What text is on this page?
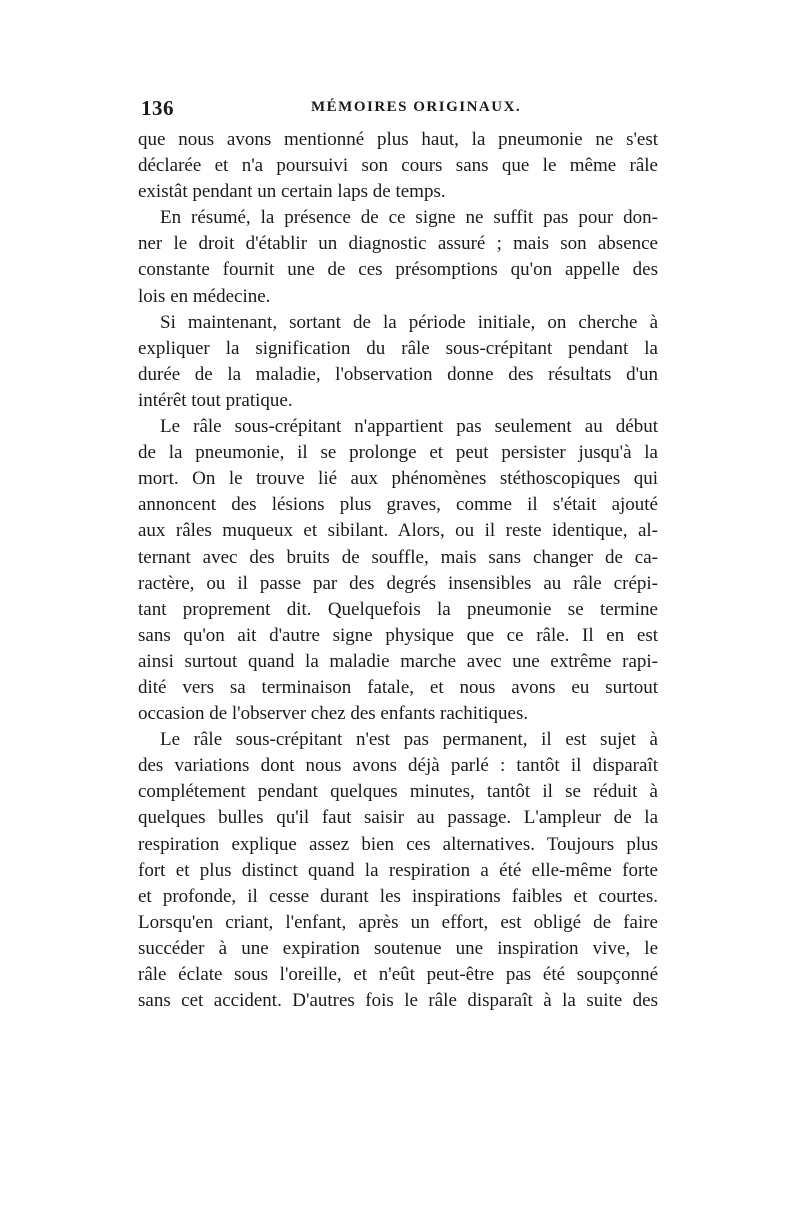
136	MÉMOIRES ORIGINAUX.
que nous avons mentionné plus haut, la pneumonie ne s'est
déclarée et n'a poursuivi son cours sans que le même râle
existât pendant un certain laps de temps.
En résumé, la présence de ce signe ne suffit pas pour don-
ner le droit d'établir un diagnostic assuré ; mais son absence
constante fournit une de ces présomptions qu'on appelle des
lois en médecine.
Si maintenant, sortant de la période initiale, on cherche à
expliquer la signification du râle sous-crépitant pendant la
durée de la maladie, l'observation donne des résultats d'un
intérêt tout pratique.
Le râle sous-crépitant n'appartient pas seulement au début
de la pneumonie, il se prolonge et peut persister jusqu'à la
mort. On le trouve lié aux phénomènes stéthoscopiques qui
annoncent des lésions plus graves, comme il s'était ajouté
aux râles muqueux et sibilant. Alors, ou il reste identique, al-
ternant avec des bruits de souffle, mais sans changer de ca-
ractère, ou il passe par des degrés insensibles au râle crépi-
tant proprement dit. Quelquefois la pneumonie se termine
sans qu'on ait d'autre signe physique que ce râle. Il en est
ainsi surtout quand la maladie marche avec une extrême rapi-
dité vers sa terminaison fatale, et nous avons eu surtout
occasion de l'observer chez des enfants rachitiques.
Le râle sous-crépitant n'est pas permanent, il est sujet à
des variations dont nous avons déjà parlé : tantôt il disparaît
complétement pendant quelques minutes, tantôt il se réduit à
quelques bulles qu'il faut saisir au passage. L'ampleur de la
respiration explique assez bien ces alternatives. Toujours plus
fort et plus distinct quand la respiration a été elle-même forte
et profonde, il cesse durant les inspirations faibles et courtes.
Lorsqu'en criant, l'enfant, après un effort, est obligé de faire
succéder à une expiration soutenue une inspiration vive, le
râle éclate sous l'oreille, et n'eût peut-être pas été soupçonné
sans cet accident. D'autres fois le râle disparaît à la suite des
